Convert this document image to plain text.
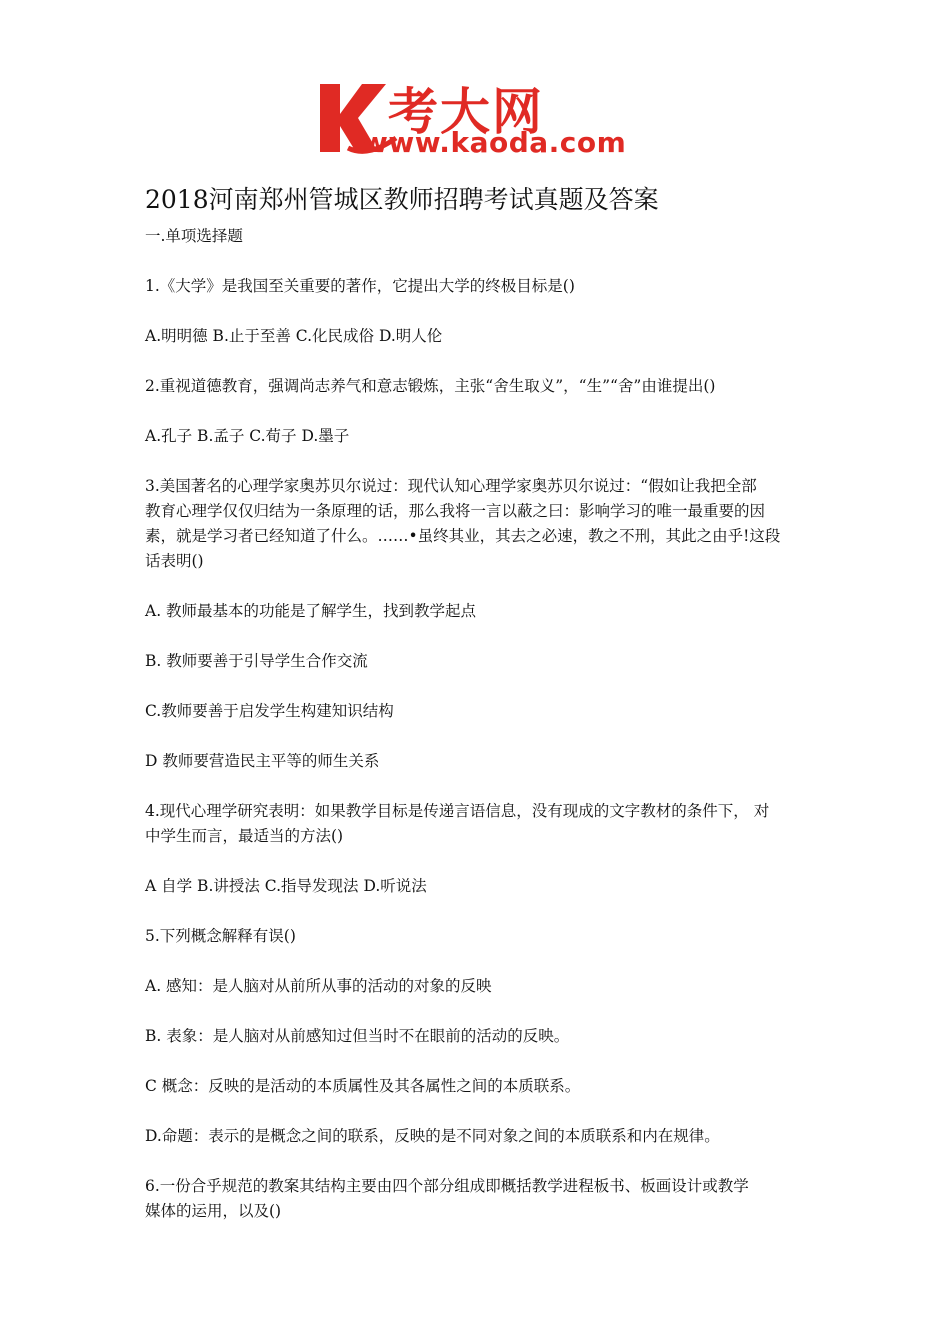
考大网
www.kaoda.com
2018河南郑州管城区教师招聘考试真题及答案

一.单项选择题

1.《大学》是我国至关重要的著作，它提出大学的终极目标是()

A.明明德 B.止于至善 C.化民成俗 D.明人伦

2.重视道德教育，强调尚志养气和意志锻炼，主张“舍生取义”，“生”“舍”由谁提出()

A.孔子 B.孟子 C.荀子 D.墨子

3.美国著名的心理学家奥苏贝尔说过：现代认知心理学家奥苏贝尔说过：“假如让我把全部

教育心理学仅仅归结为一条原理的话，那么我将一言以蔽之曰：影响学习的唯一最重要的因

素，就是学习者已经知道了什么。……•虽终其业，其去之必速，教之不刑，其此之由乎!这段

话表明()

A. 教师最基本的功能是了解学生，找到教学起点

B. 教师要善于引导学生合作交流

C.教师要善于启发学生构建知识结构

D 教师要营造民主平等的师生关系

4.现代心理学研究表明：如果教学目标是传递言语信息，没有现成的文字教材的条件下， 对

中学生而言，最适当的方法()

A 自学 B.讲授法 C.指导发现法 D.听说法

5.下列概念解释有误()

A. 感知：是人脑对从前所从事的活动的对象的反映

B. 表象：是人脑对从前感知过但当时不在眼前的活动的反映。

C 概念：反映的是活动的本质属性及其各属性之间的本质联系。

D.命题：表示的是概念之间的联系，反映的是不同对象之间的本质联系和内在规律。

6.一份合乎规范的教案其结构主要由四个部分组成即概括教学进程板书、板画设计或教学

媒体的运用，以及()
